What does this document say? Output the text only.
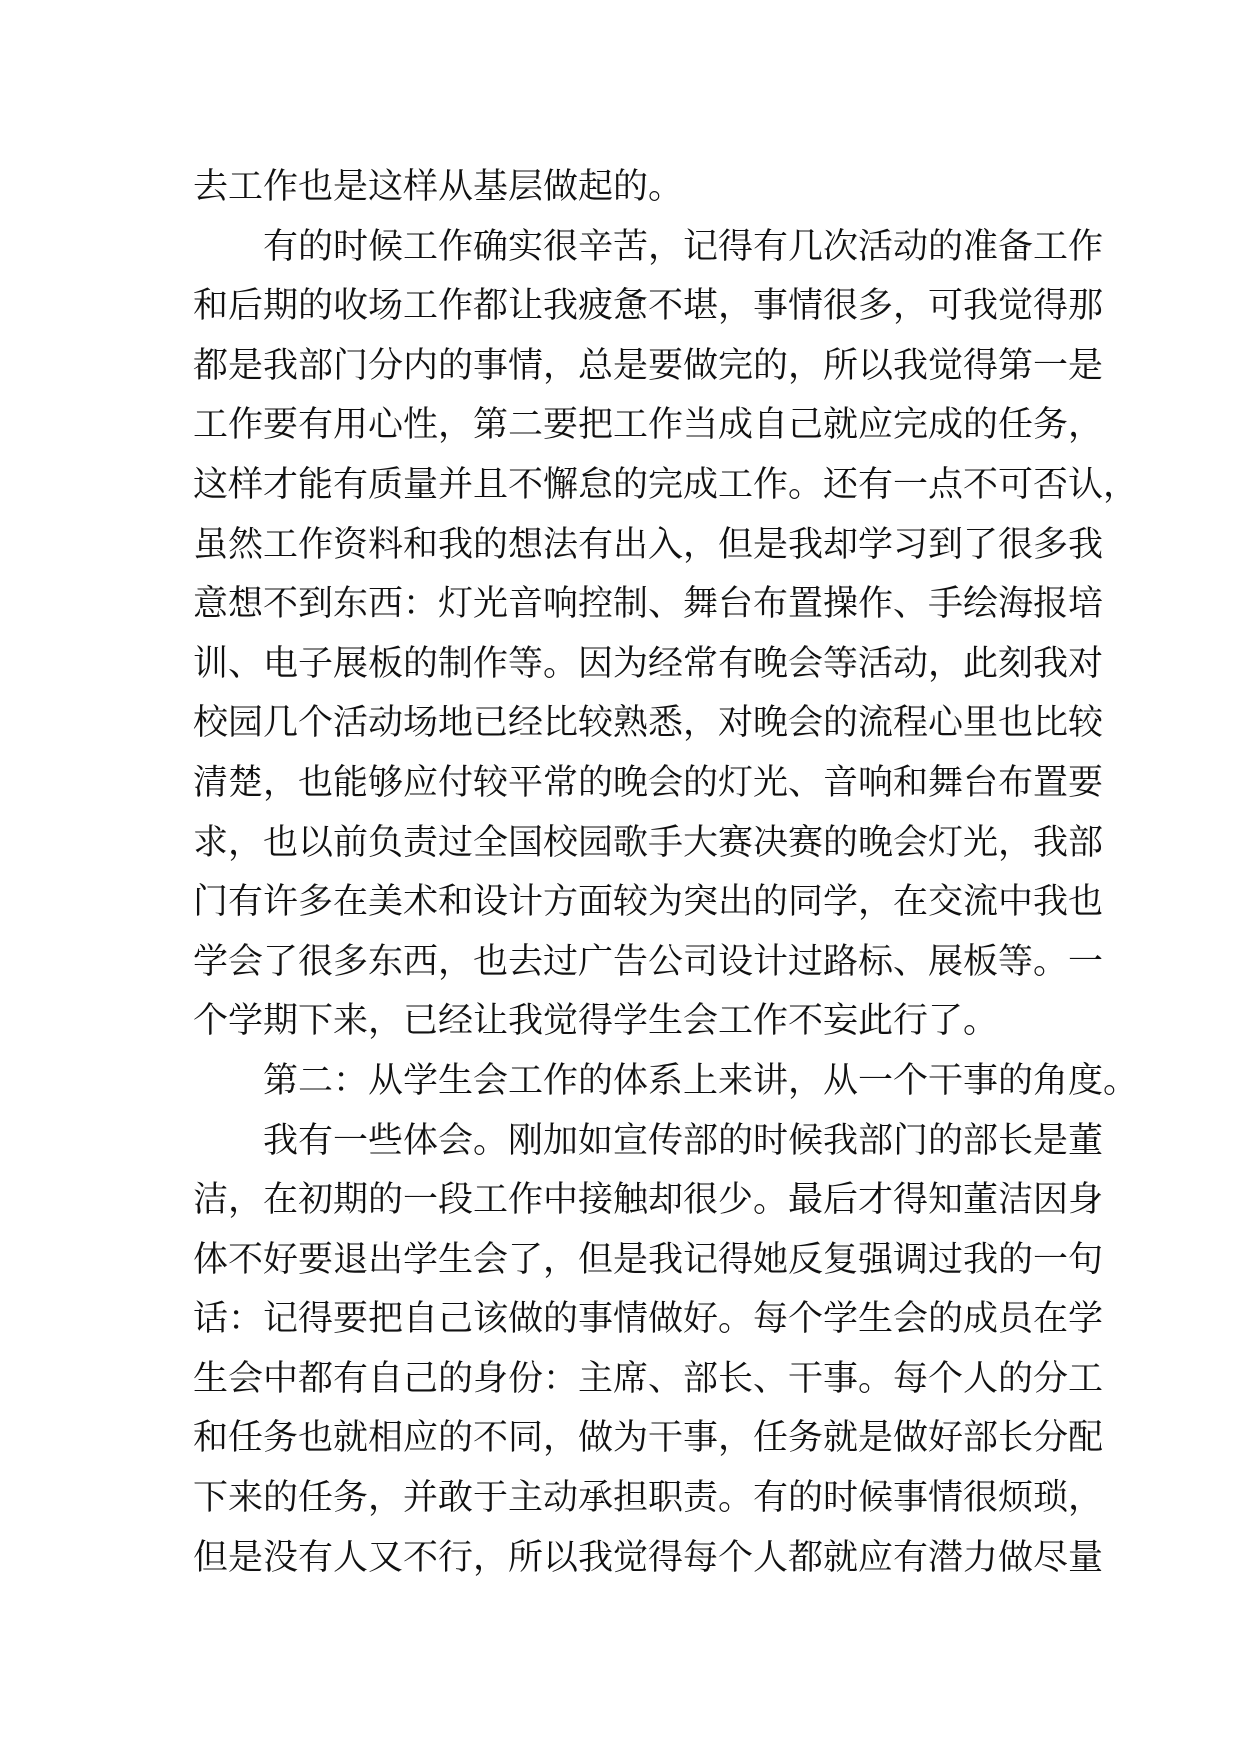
去工作也是这样从基层做起的。
有的时候工作确实很辛苦，记得有几次活动的准备工作
和后期的收场工作都让我疲惫不堪，事情很多，可我觉得那
都是我部门分内的事情，总是要做完的，所以我觉得第一是
工作要有用心性，第二要把工作当成自己就应完成的任务，
这样才能有质量并且不懈怠的完成工作。还有一点不可否认，
虽然工作资料和我的想法有出入，但是我却学习到了很多我
意想不到东西：灯光音响控制、舞台布置操作、手绘海报培
训、电子展板的制作等。因为经常有晚会等活动，此刻我对
校园几个活动场地已经比较熟悉，对晚会的流程心里也比较
清楚，也能够应付较平常的晚会的灯光、音响和舞台布置要
求，也以前负责过全国校园歌手大赛决赛的晚会灯光，我部
门有许多在美术和设计方面较为突出的同学，在交流中我也
学会了很多东西，也去过广告公司设计过路标、展板等。一
个学期下来，已经让我觉得学生会工作不妄此行了。
第二：从学生会工作的体系上来讲，从一个干事的角度。
我有一些体会。刚加如宣传部的时候我部门的部长是董
洁，在初期的一段工作中接触却很少。最后才得知董洁因身
体不好要退出学生会了，但是我记得她反复强调过我的一句
话：记得要把自己该做的事情做好。每个学生会的成员在学
生会中都有自己的身份：主席、部长、干事。每个人的分工
和任务也就相应的不同，做为干事，任务就是做好部长分配
下来的任务，并敢于主动承担职责。有的时候事情很烦琐，
但是没有人又不行，所以我觉得每个人都就应有潜力做尽量
